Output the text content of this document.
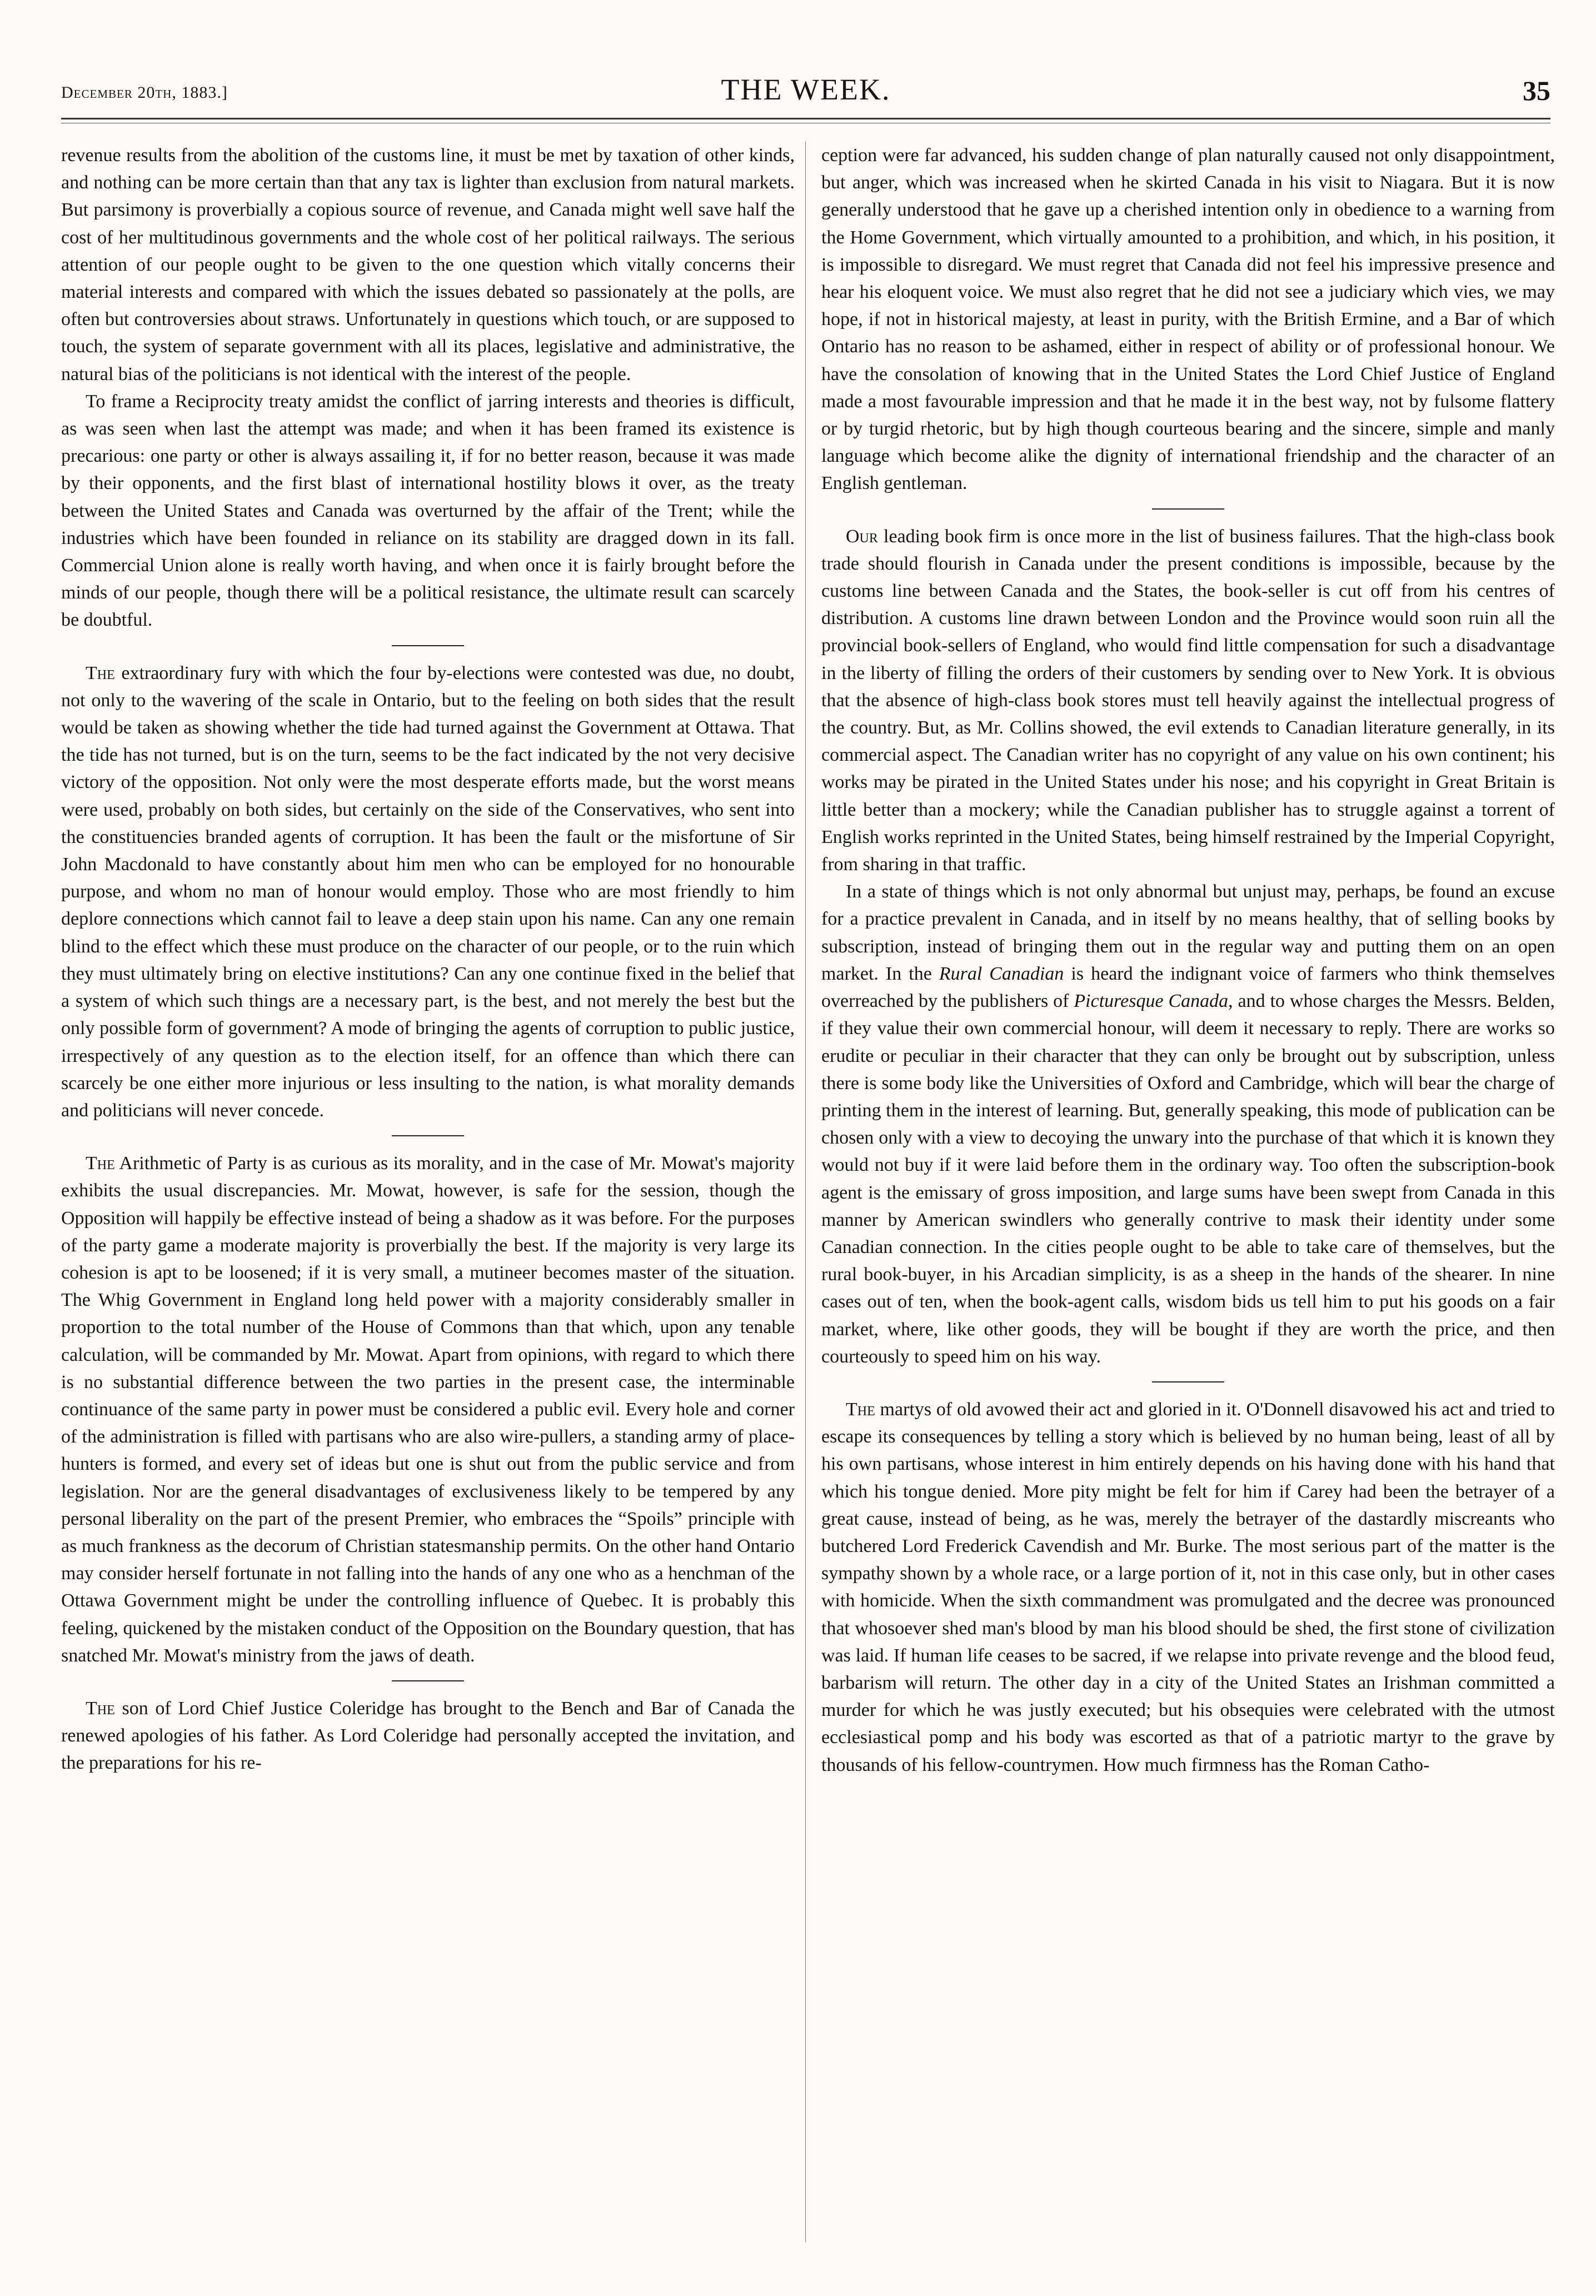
December 20th, 1883.]	THE WEEK.	35

revenue results from the abolition of the customs line, it must be met by taxation of other kinds, and nothing can be more certain than that any tax is lighter than exclusion from natural markets. But parsimony is proverbially a copious source of revenue, and Canada might well save half the cost of her multitudinous governments and the whole cost of her political railways. The serious attention of our people ought to be given to the one question which vitally concerns their material interests and compared with which the issues debated so passionately at the polls, are often but controversies about straws. Unfortunately in questions which touch, or are supposed to touch, the system of separate government with all its places, legislative and administrative, the natural bias of the politicians is not identical with the interest of the people.

To frame a Reciprocity treaty amidst the conflict of jarring interests and theories is difficult, as was seen when last the attempt was made; and when it has been framed its existence is precarious: one party or other is always assailing it, if for no better reason, because it was made by their opponents, and the first blast of international hostility blows it over, as the treaty between the United States and Canada was overturned by the affair of the Trent; while the industries which have been founded in reliance on its stability are dragged down in its fall. Commercial Union alone is really worth having, and when once it is fairly brought before the minds of our people, though there will be a political resistance, the ultimate result can scarcely be doubtful.

The extraordinary fury with which the four by-elections were contested was due, no doubt, not only to the wavering of the scale in Ontario, but to the feeling on both sides that the result would be taken as showing whether the tide had turned against the Government at Ottawa. That the tide has not turned, but is on the turn, seems to be the fact indicated by the not very decisive victory of the opposition. Not only were the most desperate efforts made, but the worst means were used, probably on both sides, but certainly on the side of the Conservatives, who sent into the constituencies branded agents of corruption. It has been the fault or the misfortune of Sir John Macdonald to have constantly about him men who can be employed for no honourable purpose, and whom no man of honour would employ. Those who are most friendly to him deplore connections which cannot fail to leave a deep stain upon his name. Can any one remain blind to the effect which these must produce on the character of our people, or to the ruin which they must ultimately bring on elective institutions? Can any one continue fixed in the belief that a system of which such things are a necessary part, is the best, and not merely the best but the only possible form of government? A mode of bringing the agents of corruption to public justice, irrespectively of any question as to the election itself, for an offence than which there can scarcely be one either more injurious or less insulting to the nation, is what morality demands and politicians will never concede.

The Arithmetic of Party is as curious as its morality, and in the case of Mr. Mowat's majority exhibits the usual discrepancies. Mr. Mowat, however, is safe for the session, though the Opposition will happily be effective instead of being a shadow as it was before. For the purposes of the party game a moderate majority is proverbially the best. If the majority is very large its cohesion is apt to be loosened; if it is very small, a mutineer becomes master of the situation. The Whig Government in England long held power with a majority considerably smaller in proportion to the total number of the House of Commons than that which, upon any tenable calculation, will be commanded by Mr. Mowat. Apart from opinions, with regard to which there is no substantial difference between the two parties in the present case, the interminable continuance of the same party in power must be considered a public evil. Every hole and corner of the administration is filled with partisans who are also wire-pullers, a standing army of place-hunters is formed, and every set of ideas but one is shut out from the public service and from legislation. Nor are the general disadvantages of exclusiveness likely to be tempered by any personal liberality on the part of the present Premier, who embraces the “Spoils” principle with as much frankness as the decorum of Christian statesmanship permits. On the other hand Ontario may consider herself fortunate in not falling into the hands of any one who as a henchman of the Ottawa Government might be under the controlling influence of Quebec. It is probably this feeling, quickened by the mistaken conduct of the Opposition on the Boundary question, that has snatched Mr. Mowat's ministry from the jaws of death.

The son of Lord Chief Justice Coleridge has brought to the Bench and Bar of Canada the renewed apologies of his father. As Lord Coleridge had personally accepted the invitation, and the preparations for his re-

ception were far advanced, his sudden change of plan naturally caused not only disappointment, but anger, which was increased when he skirted Canada in his visit to Niagara. But it is now generally understood that he gave up a cherished intention only in obedience to a warning from the Home Government, which virtually amounted to a prohibition, and which, in his position, it is impossible to disregard. We must regret that Canada did not feel his impressive presence and hear his eloquent voice. We must also regret that he did not see a judiciary which vies, we may hope, if not in historical majesty, at least in purity, with the British Ermine, and a Bar of which Ontario has no reason to be ashamed, either in respect of ability or of professional honour. We have the consolation of knowing that in the United States the Lord Chief Justice of England made a most favourable impression and that he made it in the best way, not by fulsome flattery or by turgid rhetoric, but by high though courteous bearing and the sincere, simple and manly language which become alike the dignity of international friendship and the character of an English gentleman.

Our leading book firm is once more in the list of business failures. That the high-class book trade should flourish in Canada under the present conditions is impossible, because by the customs line between Canada and the States, the book-seller is cut off from his centres of distribution. A customs line drawn between London and the Province would soon ruin all the provincial book-sellers of England, who would find little compensation for such a disadvantage in the liberty of filling the orders of their customers by sending over to New York. It is obvious that the absence of high-class book stores must tell heavily against the intellectual progress of the country. But, as Mr. Collins showed, the evil extends to Canadian literature generally, in its commercial aspect. The Canadian writer has no copyright of any value on his own continent; his works may be pirated in the United States under his nose; and his copyright in Great Britain is little better than a mockery; while the Canadian publisher has to struggle against a torrent of English works reprinted in the United States, being himself restrained by the Imperial Copyright, from sharing in that traffic.

In a state of things which is not only abnormal but unjust may, perhaps, be found an excuse for a practice prevalent in Canada, and in itself by no means healthy, that of selling books by subscription, instead of bringing them out in the regular way and putting them on an open market. In the Rural Canadian is heard the indignant voice of farmers who think themselves overreached by the publishers of Picturesque Canada, and to whose charges the Messrs. Belden, if they value their own commercial honour, will deem it necessary to reply. There are works so erudite or peculiar in their character that they can only be brought out by subscription, unless there is some body like the Universities of Oxford and Cambridge, which will bear the charge of printing them in the interest of learning. But, generally speaking, this mode of publication can be chosen only with a view to decoying the unwary into the purchase of that which it is known they would not buy if it were laid before them in the ordinary way. Too often the subscription-book agent is the emissary of gross imposition, and large sums have been swept from Canada in this manner by American swindlers who generally contrive to mask their identity under some Canadian connection. In the cities people ought to be able to take care of themselves, but the rural book-buyer, in his Arcadian simplicity, is as a sheep in the hands of the shearer. In nine cases out of ten, when the book-agent calls, wisdom bids us tell him to put his goods on a fair market, where, like other goods, they will be bought if they are worth the price, and then courteously to speed him on his way.

The martys of old avowed their act and gloried in it. O'Donnell disavowed his act and tried to escape its consequences by telling a story which is believed by no human being, least of all by his own partisans, whose interest in him entirely depends on his having done with his hand that which his tongue denied. More pity might be felt for him if Carey had been the betrayer of a great cause, instead of being, as he was, merely the betrayer of the dastardly miscreants who butchered Lord Frederick Cavendish and Mr. Burke. The most serious part of the matter is the sympathy shown by a whole race, or a large portion of it, not in this case only, but in other cases with homicide. When the sixth commandment was promulgated and the decree was pronounced that whosoever shed man's blood by man his blood should be shed, the first stone of civilization was laid. If human life ceases to be sacred, if we relapse into private revenge and the blood feud, barbarism will return. The other day in a city of the United States an Irishman committed a murder for which he was justly executed; but his obsequies were celebrated with the utmost ecclesiastical pomp and his body was escorted as that of a patriotic martyr to the grave by thousands of his fellow-countrymen. How much firmness has the Roman Catho-
